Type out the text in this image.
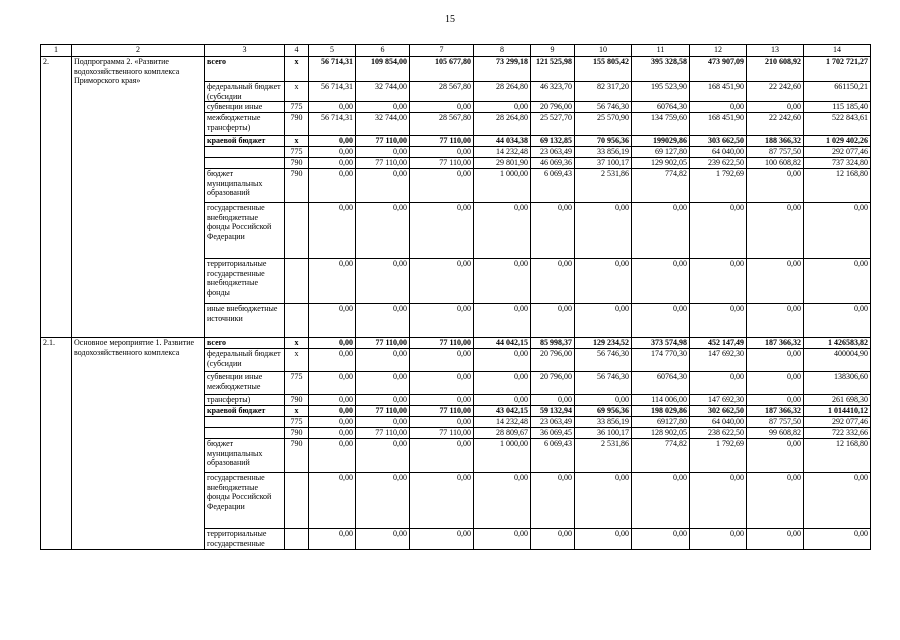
15
1	2	3	4	5	6	7	8	9	10	11	12	13	14
2.	Подпрограмма 2. «Развитие водохозяйственного комплекса Приморского края»	всего	x	56 714,31	109 854,00	105 677,80	73 299,18	121 525,98	155 805,42	395 328,58	473 907,09	210 608,92	1 702 721,27
		федеральный бюджет (субсидии	x	56 714,31	32 744,00	28 567,80	28 264,80	46 323,70	82 317,20	195 523,90	168 451,90	22 242,60	661150,21
		субвенции иные	775	0,00	0,00	0,00	0,00	20 796,00	56 746,30	60764,30	0,00	0,00	115 185,40
		межбюджетные трансферты)	790	56 714,31	32 744,00	28 567,80	28 264,80	25 527,70	25 570,90	134 759,60	168 451,90	22 242,60	522 843,61
		краевой бюджет	x	0,00	77 110,00	77 110,00	44 034,38	69 132,85	70 956,36	199029,86	303 662,50	188 366,32	1 029 402,26
			775	0,00	0,00	0,00	14 232,48	23 063,49	33 856,19	69 127,80	64 040,00	87 757,50	292 077,46
			790	0,00	77 110,00	77 110,00	29 801,90	46 069,36	37 100,17	129 902,05	239 622,50	100 608,82	737 324,80
		бюджет муниципальных образований	790	0,00	0,00	0,00	1 000,00	6 069,43	2 531,86	774,82	1 792,69	0,00	12 168,80
		государственные внебюджетные фонды Российской Федерации		0,00	0,00	0,00	0,00	0,00	0,00	0,00	0,00	0,00	0,00
		территориальные государственные внебюджетные фонды		0,00	0,00	0,00	0,00	0,00	0,00	0,00	0,00	0,00	0,00
		иные внебюджетные источники		0,00	0,00	0,00	0,00	0,00	0,00	0,00	0,00	0,00	0,00
2.1.	Основное мероприятие 1. Развитие водохозяйственного комплекса	всего	x	0,00	77 110,00	77 110,00	44 042,15	85 998,37	129 234,52	373 574,98	452 147,49	187 366,32	1 426583,82
		федеральный бюджет (субсидии	x	0,00	0,00	0,00	0,00	20 796,00	56 746,30	174 770,30	147 692,30	0,00	400004,90
		субвенции иные межбюджетные	775	0,00	0,00	0,00	0,00	20 796,00	56 746,30	60764,30	0,00	0,00	138306,60
		трансферты)	790	0,00	0,00	0,00	0,00	0,00	0,00	114 006,00	147 692,30	0,00	261 698,30
		краевой бюджет	x	0,00	77 110,00	77 110,00	43 042,15	59 132,94	69 956,36	198 029,86	302 662,50	187 366,32	1 014410,12
			775	0,00	0,00	0,00	14 232,48	23 063,49	33 856,19	69127,80	64 040,00	87 757,50	292 077,46
			790	0,00	77 110,00	77 110,00	28 809,67	36 069,45	36 100,17	128 902,05	238 622,50	99 608,82	722 332,66
		бюджет муниципальных образований	790	0,00	0,00	0,00	1 000,00	6 069,43	2 531,86	774,82	1 792,69	0,00	12 168,80
		государственные внебюджетные фонды Российской Федерации		0,00	0,00	0,00	0,00	0,00	0,00	0,00	0,00	0,00	0,00
		территориальные государственные		0,00	0,00	0,00	0,00	0,00	0,00	0,00	0,00	0,00	0,00
